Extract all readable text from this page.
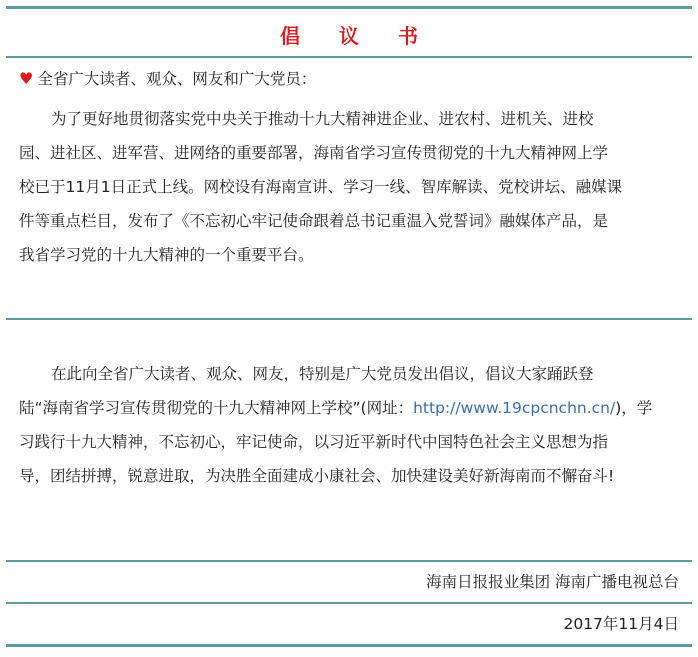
倡 议 书
♥ 全省广大读者、观众、网友和广大党员：
为了更好地贯彻落实党中央关于推动十九大精神进企业、进农村、进机关、进校
园、进社区、进军营、进网络的重要部署，海南省学习宣传贯彻党的十九大精神网上学
校已于11月1日正式上线。网校设有海南宣讲、学习一线、智库解读、党校讲坛、融媒课
件等重点栏目，发布了《不忘初心牢记使命跟着总书记重温入党誓词》融媒体产品，是
我省学习党的十九大精神的一个重要平台。
在此向全省广大读者、观众、网友，特别是广大党员发出倡议，倡议大家踊跃登
陆“海南省学习宣传贯彻党的十九大精神网上学校”(网址：http://www.19cpcnchn.cn/)，学
习践行十九大精神，不忘初心，牢记使命，以习近平新时代中国特色社会主义思想为指
导，团结拼搏，锐意进取，为决胜全面建成小康社会、加快建设美好新海南而不懈奋斗!
海南日报报业集团 海南广播电视总台
2017年11月4日
